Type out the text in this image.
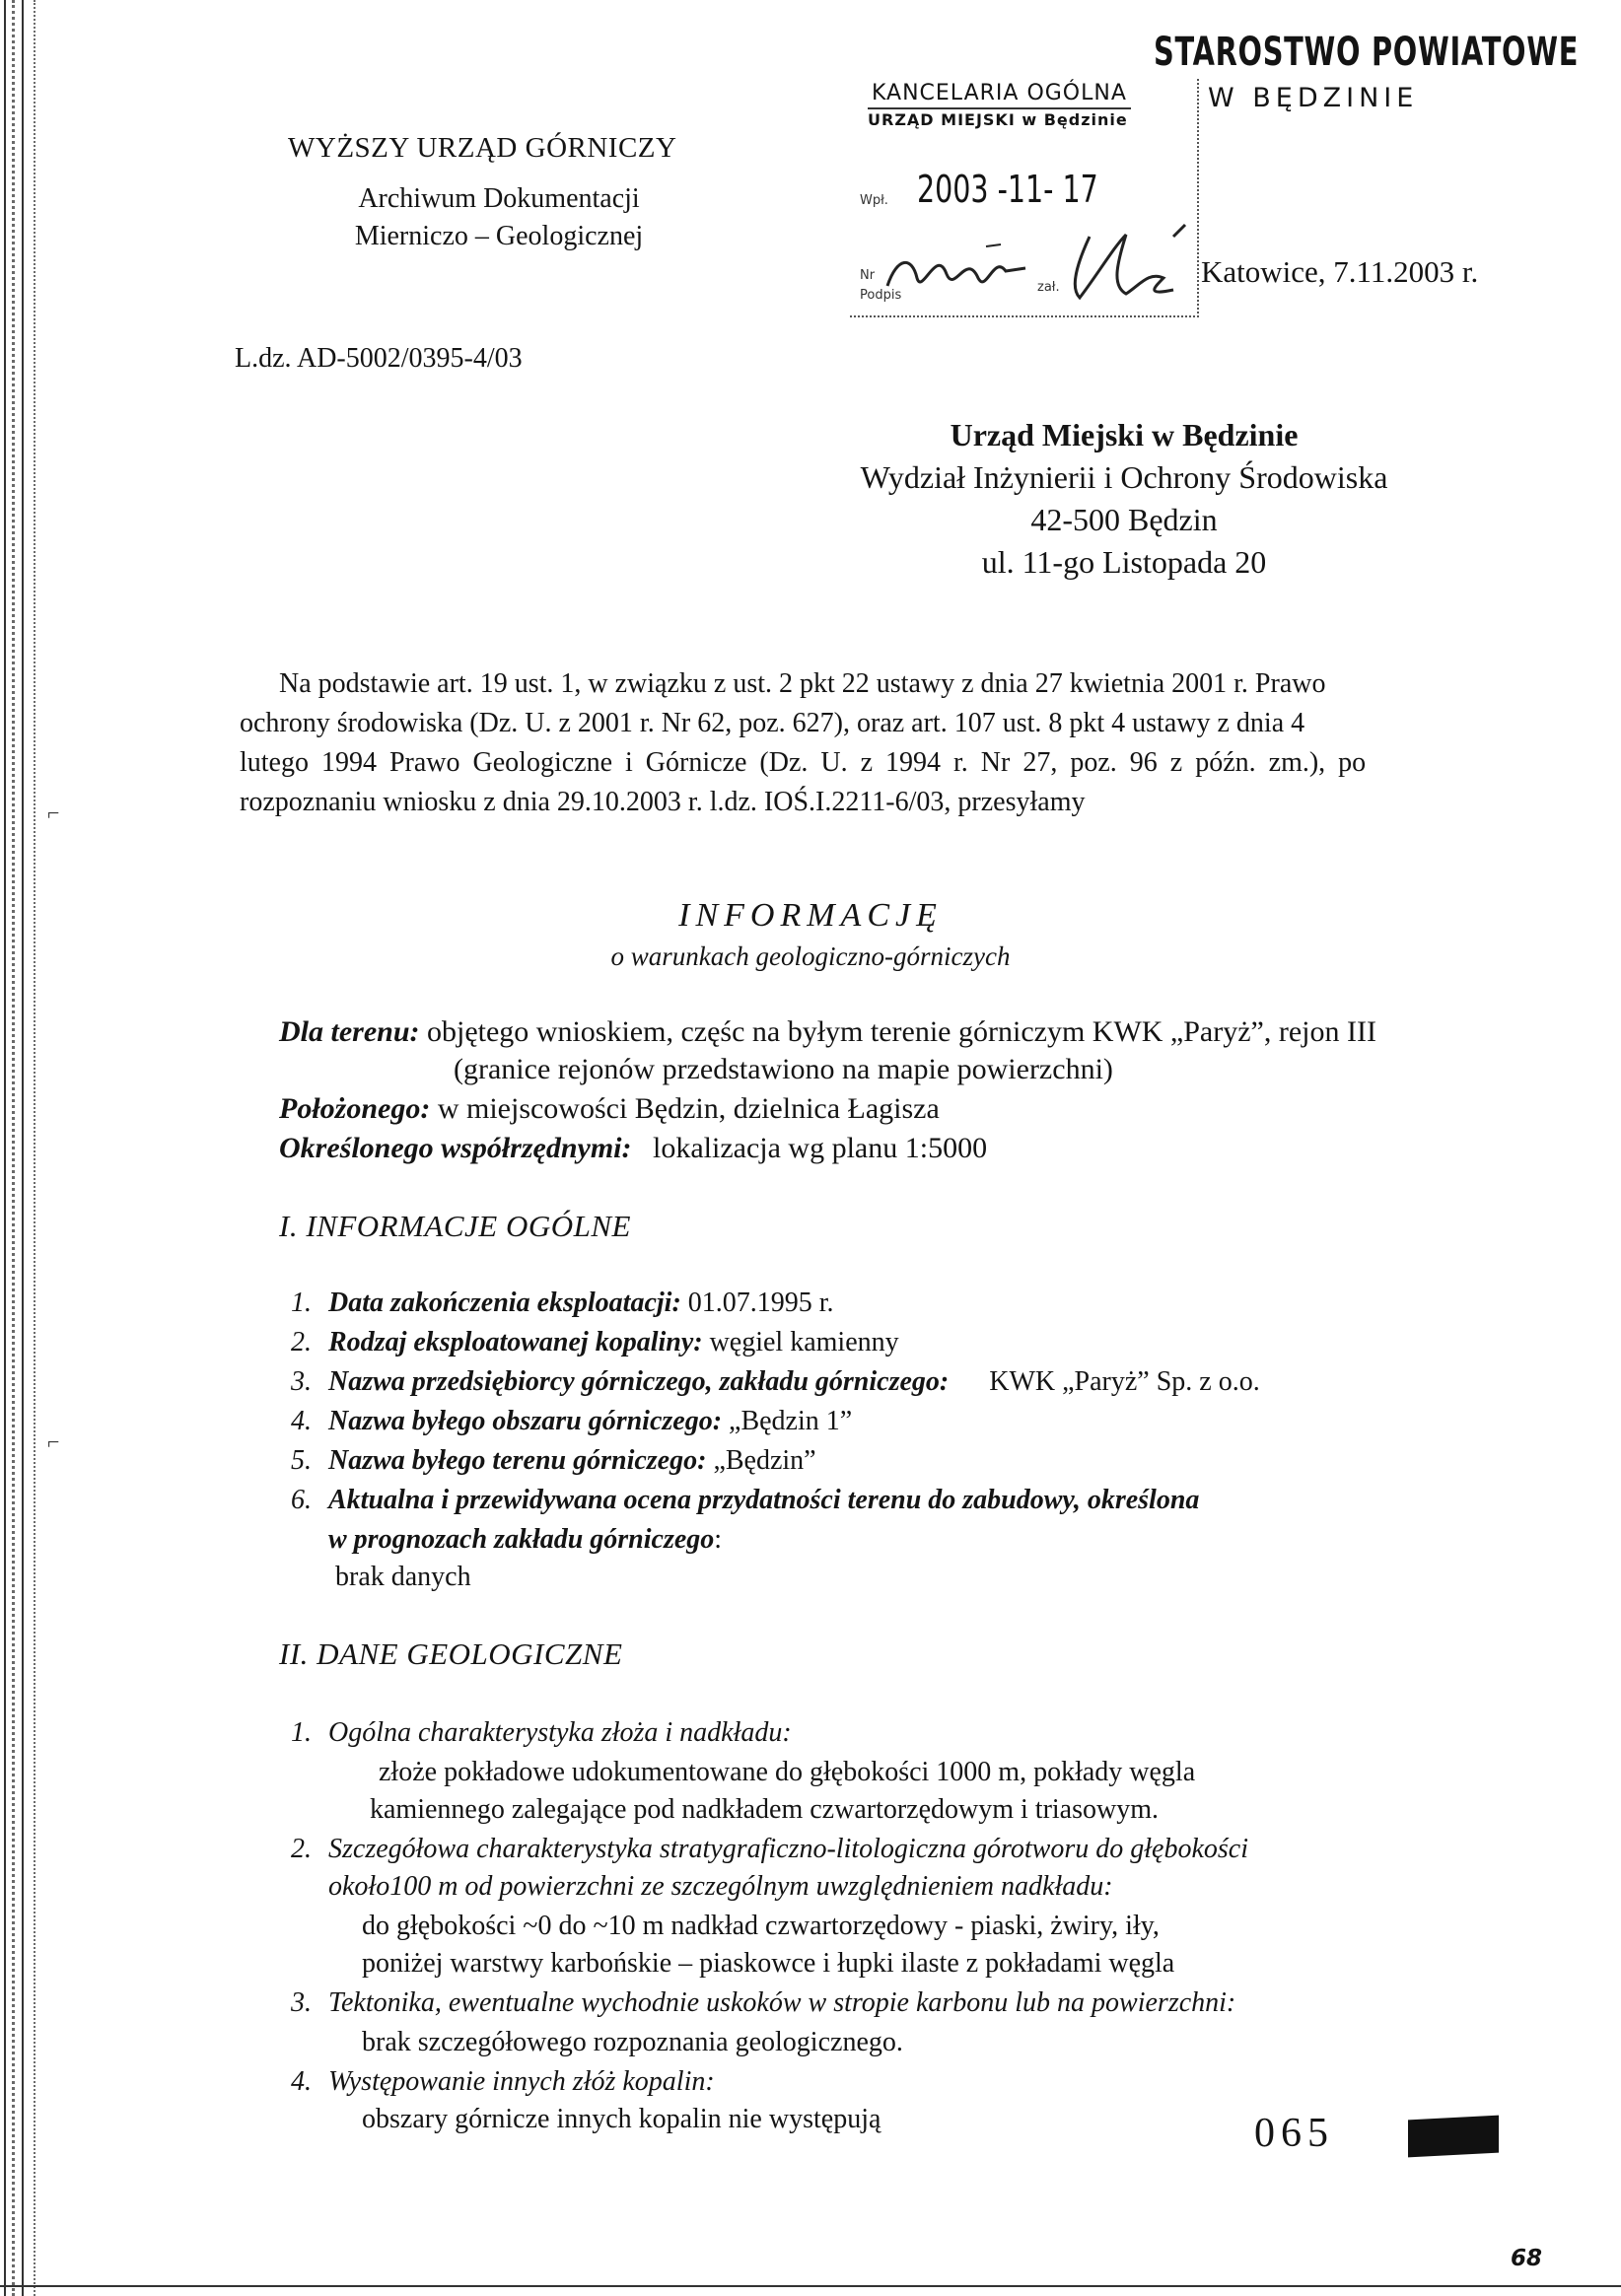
⌐
⌐
WYŻSZY URZĄD GÓRNICZY
Archiwum Dokumentacji
Mierniczo – Geologicznej
STAROSTWO POWIATOWE
W BĘDZINIE
KANCELARIA OGÓLNA
URZĄD MIEJSKI w Będzinie
Wpł. 2003 -11- 17
Nr
zał.
Podpis
Katowice, 7.11.2003 r.
L.dz. AD-5002/0395-4/03
Urząd Miejski w Będzinie
Wydział Inżynierii i Ochrony Środowiska
42-500 Będzin
ul. 11-go Listopada 20
Na podstawie art. 19 ust. 1, w związku z ust. 2 pkt 22 ustawy z dnia 27 kwietnia 2001 r. Prawo
ochrony środowiska (Dz. U. z 2001 r. Nr 62, poz. 627), oraz art. 107 ust. 8 pkt 4 ustawy z dnia 4
lutego 1994 Prawo Geologiczne i Górnicze (Dz. U. z 1994 r. Nr 27, poz. 96 z późn. zm.), po
rozpoznaniu wniosku z dnia 29.10.2003 r. l.dz. IOŚ.I.2211-6/03, przesyłamy
INFORMACJĘ
o warunkach geologiczno-górniczych
Dla terenu: objętego wnioskiem, częśc na byłym terenie górniczym KWK „Paryż”, rejon III
(granice rejonów przedstawiono na mapie powierzchni)
Położonego: w miejscowości Będzin, dzielnica Łagisza
Określonego współrzędnymi: lokalizacja wg planu 1:5000
I. INFORMACJE OGÓLNE
1. Data zakończenia eksploatacji: 01.07.1995 r.
2. Rodzaj eksploatowanej kopaliny: węgiel kamienny
3. Nazwa przedsiębiorcy górniczego, zakładu górniczego: KWK „Paryż” Sp. z o.o.
4. Nazwa byłego obszaru górniczego: „Będzin 1”
5. Nazwa byłego terenu górniczego: „Będzin”
6. Aktualna i przewidywana ocena przydatności terenu do zabudowy, określona
w prognozach zakładu górniczego:
brak danych
II. DANE GEOLOGICZNE
1. Ogólna charakterystyka złoża i nadkładu:
złoże pokładowe udokumentowane do głębokości 1000 m, pokłady węgla
kamiennego zalegające pod nadkładem czwartorzędowym i triasowym.
2. Szczegółowa charakterystyka stratygraficzno-litologiczna górotworu do głębokości
około100 m od powierzchni ze szczególnym uwzględnieniem nadkładu:
do głębokości ~0 do ~10 m nadkład czwartorzędowy - piaski, żwiry, iły,
poniżej warstwy karbońskie – piaskowce i łupki ilaste z pokładami węgla
3. Tektonika, ewentualne wychodnie uskoków w stropie karbonu lub na powierzchni:
brak szczegółowego rozpoznania geologicznego.
4. Występowanie innych złóż kopalin:
obszary górnicze innych kopalin nie występują	065
68
